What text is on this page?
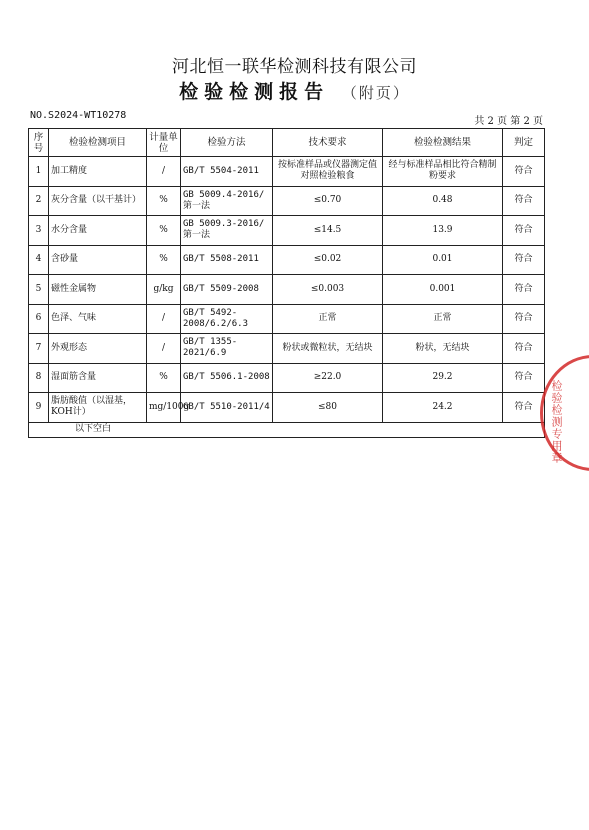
河北恒一联华检测科技有限公司
检验检测报告 （附页）
NO.S2024-WT10278
共 2 页 第 2 页
序号	检验检测项目	计量单位	检验方法	技术要求	检验检测结果	判定
1	加工精度	/	GB/T 5504-2011	按标准样品或仪器测定值对照检验粮食	经与标准样品相比符合精制粉要求	符合
2	灰分含量（以干基计）	%	GB 5009.4-2016/第一法	≤0.70	0.48	符合
3	水分含量	%	GB 5009.3-2016/第一法	≤14.5	13.9	符合
4	含砂量	%	GB/T 5508-2011	≤0.02	0.01	符合
5	磁性金属物	g/kg	GB/T 5509-2008	≤0.003	0.001	符合
6	色泽、气味	/	GB/T 5492-2008/6.2/6.3	正常	正常	符合
7	外观形态	/	GB/T 1355-2021/6.9	粉状或微粒状，无结块	粉状，无结块	符合
8	湿面筋含量	%	GB/T 5506.1-2008	≥22.0	29.2	符合
9	脂肪酸值（以湿基，KOH计）	mg/100g	GB/T 5510-2011/4	≤80	24.2	符合
以下空白							检验检测专用章
